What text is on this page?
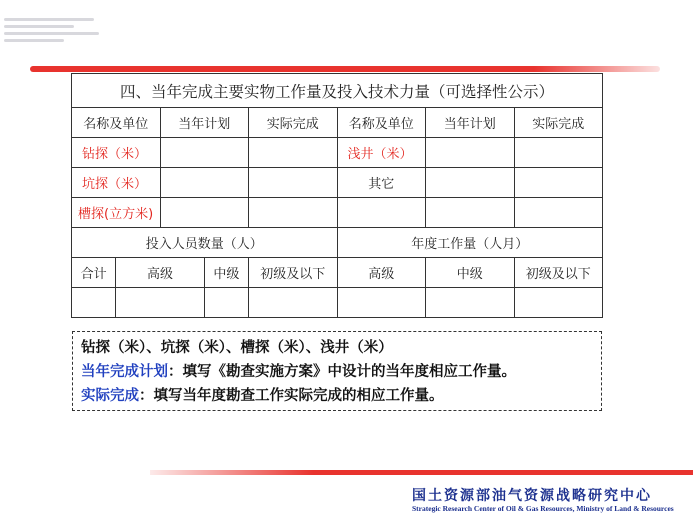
四、当年完成主要实物工作量及投入技术力量（可选择性公示）							
名称及单位		当年计划		实际完成	名称及单位	当年计划	实际完成
钻探（米）					浅井（米）		
坑探（米）					其它		
槽探(立方米)							
投入人员数量（人）					年度工作量（人月）		
合计	高级		中级	初级及以下	高级	中级	初级及以下

钻探（米）、坑探（米）、槽探（米）、浅井（米）
当年完成计划：填写《勘查实施方案》中设计的当年度相应工作量。
实际完成：填写当年度勘查工作实际完成的相应工作量。
国土资源部油气资源战略研究中心
Strategic Research Center of Oil & Gas Resources, Ministry of Land & Resources
